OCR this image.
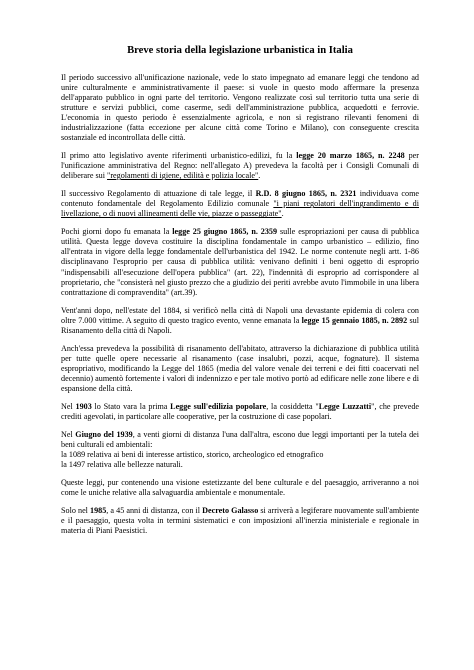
Breve storia della legislazione urbanistica in Italia

Il periodo successivo all'unificazione nazionale, vede lo stato impegnato ad emanare leggi che tendono ad unire culturalmente e amministrativamente il paese: si vuole in questo modo affermare la presenza dell'apparato pubblico in ogni parte del territorio. Vengono realizzate così sul territorio tutta una serie di strutture e servizi pubblici, come caserme, sedi dell'amministrazione pubblica, acquedotti e ferrovie. L'economia in questo periodo è essenzialmente agricola, e non si registrano rilevanti fenomeni di industrializzazione (fatta eccezione per alcune città come Torino e Milano), con conseguente crescita sostanziale ed incontrollata delle città.

Il primo atto legislativo avente riferimenti urbanistico-edilizi, fu la legge 20 marzo 1865, n. 2248 per l'unificazione amministrativa del Regno: nell'allegato A) prevedeva la facoltà per i Consigli Comunali di deliberare sui "regolamenti di igiene, edilità e polizia locale".

Il successivo Regolamento di attuazione di tale legge, il R.D. 8 giugno 1865, n. 2321 individuava come contenuto fondamentale del Regolamento Edilizio comunale "i piani regolatori dell'ingrandimento e di livellazione, o di nuovi allineamenti delle vie, piazze o passeggiate".

Pochi giorni dopo fu emanata la legge 25 giugno 1865, n. 2359 sulle espropriazioni per causa di pubblica utilità. Questa legge doveva costituire la disciplina fondamentale in campo urbanistico – edilizio, fino all'entrata in vigore della legge fondamentale dell'urbanistica del 1942. Le norme contenute negli artt. 1-86 disciplinavano l'esproprio per causa di pubblica utilità: venivano definiti i beni oggetto di esproprio "indispensabili all'esecuzione dell'opera pubblica" (art. 22), l'indennità di esproprio ad corrispondere al proprietario, che "consisterà nel giusto prezzo che a giudizio dei periti avrebbe avuto l'immobile in una libera contrattazione di compravendita" (art.39).

Vent'anni dopo, nell'estate del 1884, si verificò nella città di Napoli una devastante epidemia di colera con oltre 7.000 vittime. A seguito di questo tragico evento, venne emanata la legge 15 gennaio 1885, n. 2892 sul Risanamento della città di Napoli.

Anch'essa prevedeva la possibilità di risanamento dell'abitato, attraverso la dichiarazione di pubblica utilità per tutte quelle opere necessarie al risanamento (case insalubri, pozzi, acque, fognature). Il sistema espropriativo, modificando la Legge del 1865 (media del valore venale dei terreni e dei fitti coacervati nel decennio) aumentò fortemente i valori di indennizzo e per tale motivo portò ad edificare nelle zone libere e di espansione della città.

Nel 1903 lo Stato vara la prima Legge sull'edilizia popolare, la cosiddetta "Legge Luzzatti", che prevede crediti agevolati, in particolare alle cooperative, per la costruzione di case popolari.

Nel Giugno del 1939, a venti giorni di distanza l'una dall'altra, escono due leggi importanti per la tutela dei beni culturali ed ambientali:
la 1089 relativa ai beni di interesse artistico, storico, archeologico ed etnografico
la 1497 relativa alle bellezze naturali.

Queste leggi, pur contenendo una visione estetizzante del bene culturale e del paesaggio, arriveranno a noi come le uniche relative alla salvaguardia ambientale e monumentale.

Solo nel 1985, a 45 anni di distanza, con il Decreto Galasso si arriverà a legiferare nuovamente sull'ambiente e il paesaggio, questa volta in termini sistematici e con imposizioni all'inerzia ministeriale e regionale in materia di Piani Paesistici.
